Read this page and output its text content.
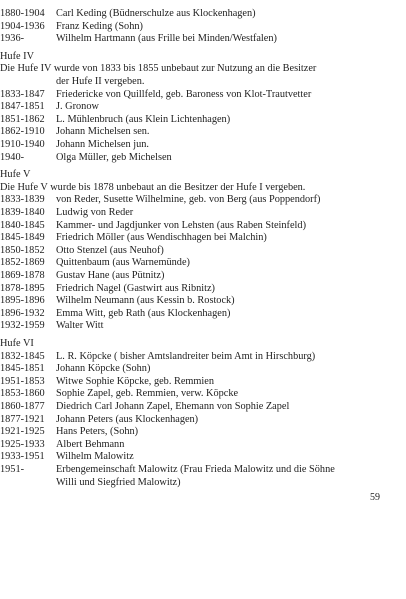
1880-1904 Carl Keding (Büdnerschulze aus Klockenhagen)
1904-1936 Franz Keding (Sohn)
1936-	Wilhelm Hartmann (aus Frille bei Minden/Westfalen)
Hufe IV
Die Hufe IV wurde von 1833 bis 1855 unbebaut zur Nutzung an die Besitzer
der Hufe II vergeben.
1833-1847 Friedericke von Quillfeld, geb. Baroness von Klot-Trautvetter
1847-1851 J. Gronow
1851-1862 L. Mühlenbruch (aus Klein Lichtenhagen)
1862-1910 Johann Michelsen sen.
1910-1940 Johann Michelsen jun.
1940-	Olga Müller, geb Michelsen
Hufe V
Die Hufe V wurde bis 1878 unbebaut an die Besitzer der Hufe I vergeben.
1833-1839 von Reder, Susette Wilhelmine, geb. von Berg (aus Poppendorf)
1839-1840 Ludwig von Reder
1840-1845 Kammer- und Jagdjunker von Lehsten (aus Raben Steinfeld)
1845-1849 Friedrich Möller (aus Wendischhagen bei Malchin)
1850-1852 Otto Stenzel (aus Neuhof)
1852-1869 Quittenbaum (aus Warnemünde)
1869-1878 Gustav Hane (aus Pütnitz)
1878-1895 Friedrich Nagel (Gastwirt aus Ribnitz)
1895-1896 Wilhelm Neumann (aus Kessin b. Rostock)
1896-1932 Emma Witt, geb Rath (aus Klockenhagen)
1932-1959 Walter Witt
Hufe VI
59
1832-1845 L. R. Köpcke ( bisher Amtslandreiter beim Amt in Hirschburg)
1845-1851 Johann Köpcke (Sohn)
1951-1853 Witwe Sophie Köpcke, geb. Remmien
1853-1860 Sophie Zapel, geb. Remmien, verw. Köpcke
1860-1877 Diedrich Carl Johann Zapel, Ehemann von Sophie Zapel
1877-1921 Johann Peters (aus Klockenhagen)
1921-1925 Hans Peters, (Sohn)
1925-1933 Albert Behmann
1933-1951 Wilhelm Malowitz
1951-	Erbengemeinschaft Malowitz (Frau Frieda Malowitz und die Söhne
Willi und Siegfried Malowitz)
